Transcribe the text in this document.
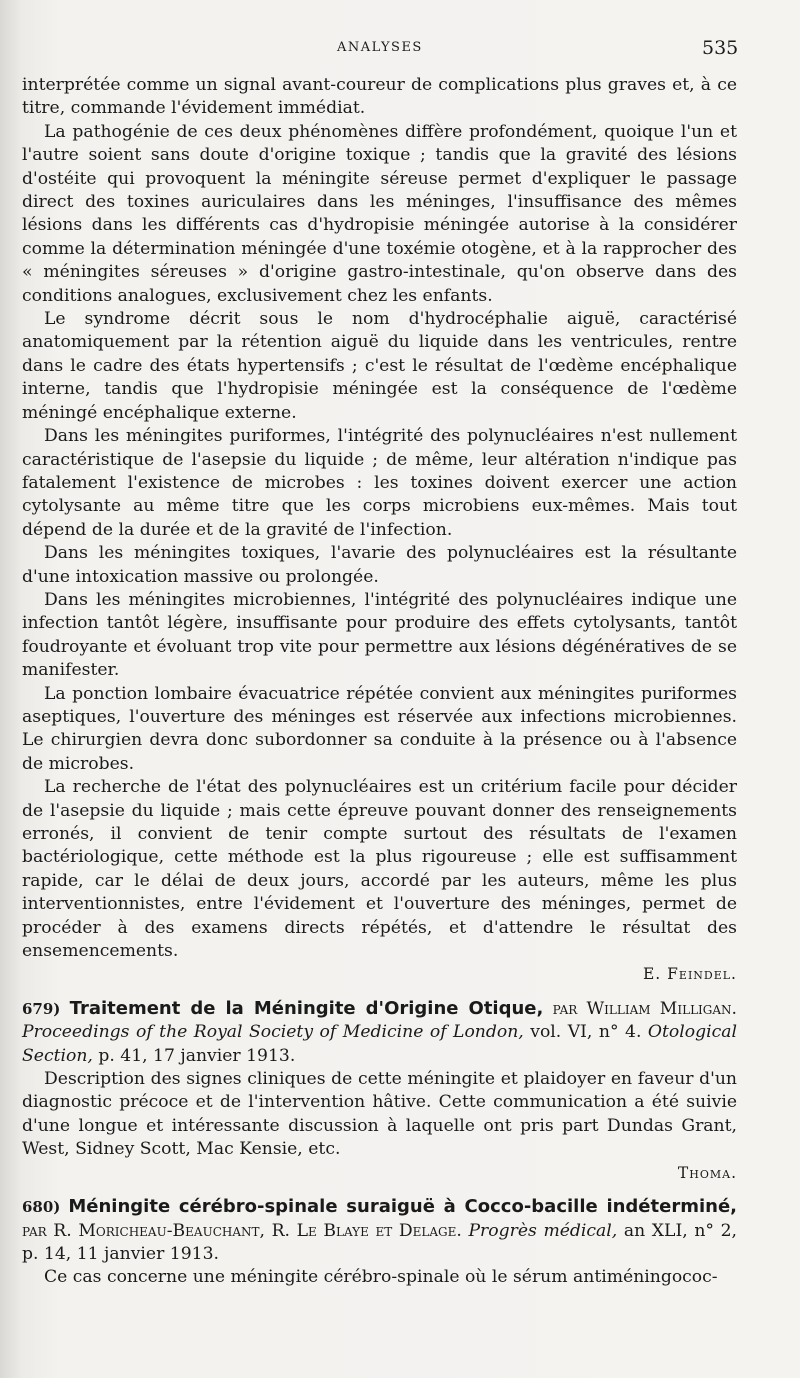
ANALYSES	535

interprétée comme un signal avant-coureur de complications plus graves et, à ce titre, commande l'évidement immédiat.

La pathogénie de ces deux phénomènes diffère profondément, quoique l'un et l'autre soient sans doute d'origine toxique ; tandis que la gravité des lésions d'ostéite qui provoquent la méningite séreuse permet d'expliquer le passage direct des toxines auriculaires dans les méninges, l'insuffisance des mêmes lésions dans les différents cas d'hydropisie méningée autorise à la considérer comme la détermination méningée d'une toxémie otogène, et à la rapprocher des « méningites séreuses » d'origine gastro-intestinale, qu'on observe dans des conditions analogues, exclusivement chez les enfants.

Le syndrome décrit sous le nom d'hydrocéphalie aiguë, caractérisé anatomiquement par la rétention aiguë du liquide dans les ventricules, rentre dans le cadre des états hypertensifs ; c'est le résultat de l'œdème encéphalique interne, tandis que l'hydropisie méningée est la conséquence de l'œdème méningé encéphalique externe.

Dans les méningites puriformes, l'intégrité des polynucléaires n'est nullement caractéristique de l'asepsie du liquide ; de même, leur altération n'indique pas fatalement l'existence de microbes : les toxines doivent exercer une action cytolysante au même titre que les corps microbiens eux-mêmes. Mais tout dépend de la durée et de la gravité de l'infection.

Dans les méningites toxiques, l'avarie des polynucléaires est la résultante d'une intoxication massive ou prolongée.

Dans les méningites microbiennes, l'intégrité des polynucléaires indique une infection tantôt légère, insuffisante pour produire des effets cytolysants, tantôt foudroyante et évoluant trop vite pour permettre aux lésions dégénératives de se manifester.

La ponction lombaire évacuatrice répétée convient aux méningites puriformes aseptiques, l'ouverture des méninges est réservée aux infections microbiennes. Le chirurgien devra donc subordonner sa conduite à la présence ou à l'absence de microbes.

La recherche de l'état des polynucléaires est un critérium facile pour décider de l'asepsie du liquide ; mais cette épreuve pouvant donner des renseignements erronés, il convient de tenir compte surtout des résultats de l'examen bactériologique, cette méthode est la plus rigoureuse ; elle est suffisamment rapide, car le délai de deux jours, accordé par les auteurs, même les plus interventionnistes, entre l'évidement et l'ouverture des méninges, permet de procéder à des examens directs répétés, et d'attendre le résultat des ensemencements.

E. Feindel.

679) Traitement de la Méningite d'Origine Otique, par William Milligan. Proceedings of the Royal Society of Medicine of London, vol. VI, n° 4. Otological Section, p. 41, 17 janvier 1913.

Description des signes cliniques de cette méningite et plaidoyer en faveur d'un diagnostic précoce et de l'intervention hâtive. Cette communication a été suivie d'une longue et intéressante discussion à laquelle ont pris part Dundas Grant, West, Sidney Scott, Mac Kensie, etc.

Thoma.

680) Méningite cérébro-spinale suraiguë à Cocco-bacille indéterminé, par R. Moricheau-Beauchant, R. Le Blaye et Delage. Progrès médical, an XLI, n° 2, p. 14, 11 janvier 1913.

Ce cas concerne une méningite cérébro-spinale où le sérum antiméningococ-
